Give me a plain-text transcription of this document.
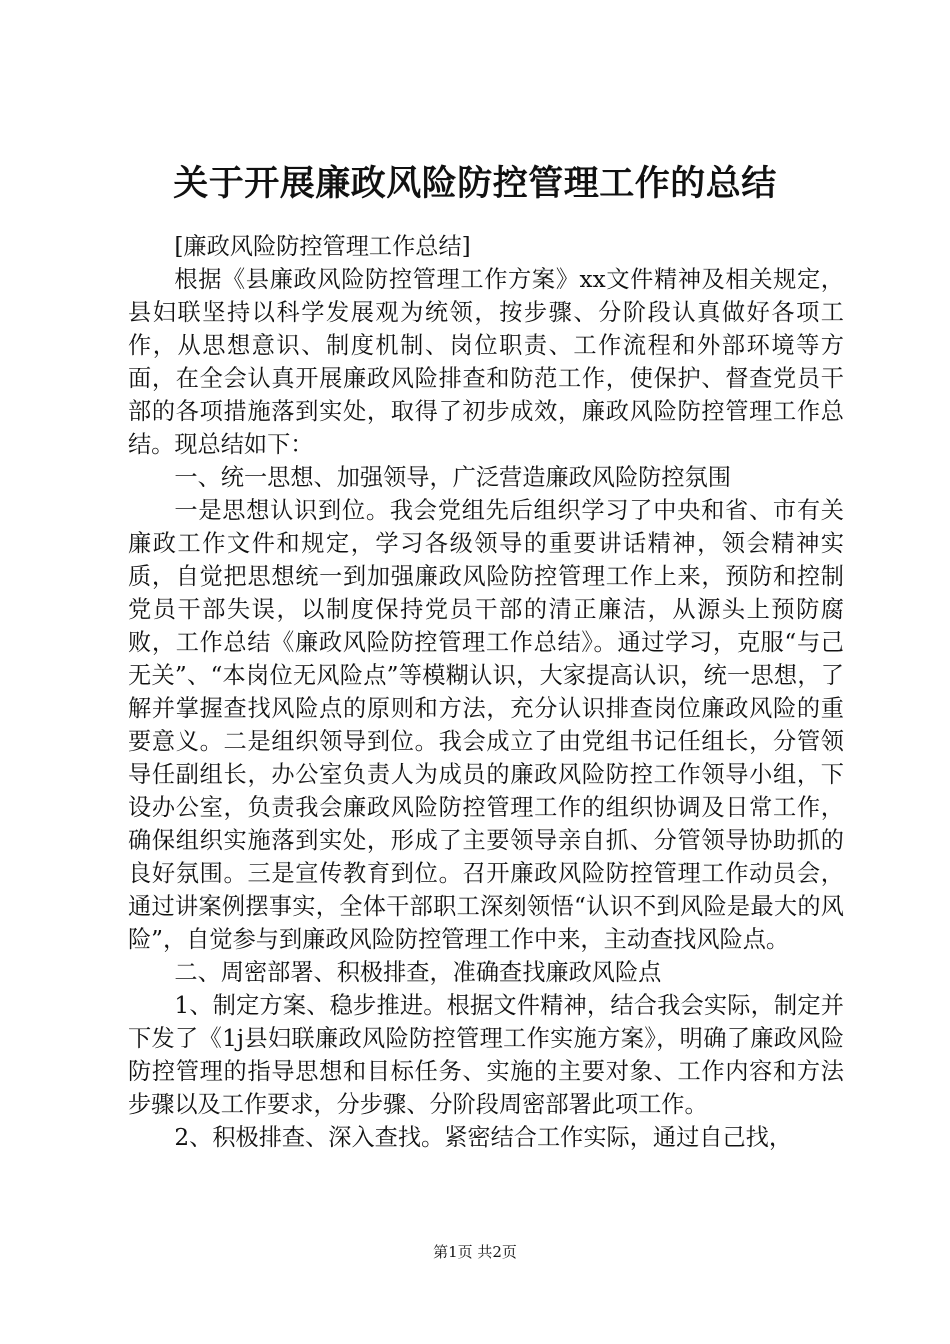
关于开展廉政风险防控管理工作的总结

[廉政风险防控管理工作总结]

根据《县廉政风险防控管理工作方案》xx文件精神及相关规定，县妇联坚持以科学发展观为统领，按步骤、分阶段认真做好各项工作，从思想意识、制度机制、岗位职责、工作流程和外部环境等方面，在全会认真开展廉政风险排查和防范工作，使保护、督查党员干部的各项措施落到实处，取得了初步成效，廉政风险防控管理工作总结。现总结如下：

一、统一思想、加强领导，广泛营造廉政风险防控氛围

一是思想认识到位。我会党组先后组织学习了中央和省、市有关廉政工作文件和规定，学习各级领导的重要讲话精神，领会精神实质，自觉把思想统一到加强廉政风险防控管理工作上来，预防和控制党员干部失误，以制度保持党员干部的清正廉洁，从源头上预防腐败，工作总结《廉政风险防控管理工作总结》。通过学习，克服“与己无关”、“本岗位无风险点”等模糊认识，大家提高认识，统一思想，了解并掌握查找风险点的原则和方法，充分认识排查岗位廉政风险的重要意义。二是组织领导到位。我会成立了由党组书记任组长，分管领导任副组长，办公室负责人为成员的廉政风险防控工作领导小组，下设办公室，负责我会廉政风险防控管理工作的组织协调及日常工作，确保组织实施落到实处，形成了主要领导亲自抓、分管领导协助抓的良好氛围。三是宣传教育到位。召开廉政风险防控管理工作动员会，通过讲案例摆事实，全体干部职工深刻领悟“认识不到风险是最大的风险”，自觉参与到廉政风险防控管理工作中来，主动查找风险点。

二、周密部署、积极排查，准确查找廉政风险点

1、制定方案、稳步推进。根据文件精神，结合我会实际，制定并下发了《1j县妇联廉政风险防控管理工作实施方案》，明确了廉政风险防控管理的指导思想和目标任务、实施的主要对象、工作内容和方法步骤以及工作要求，分步骤、分阶段周密部署此项工作。

2、积极排查、深入查找。紧密结合工作实际，通过自己找，

第1页 共2页
